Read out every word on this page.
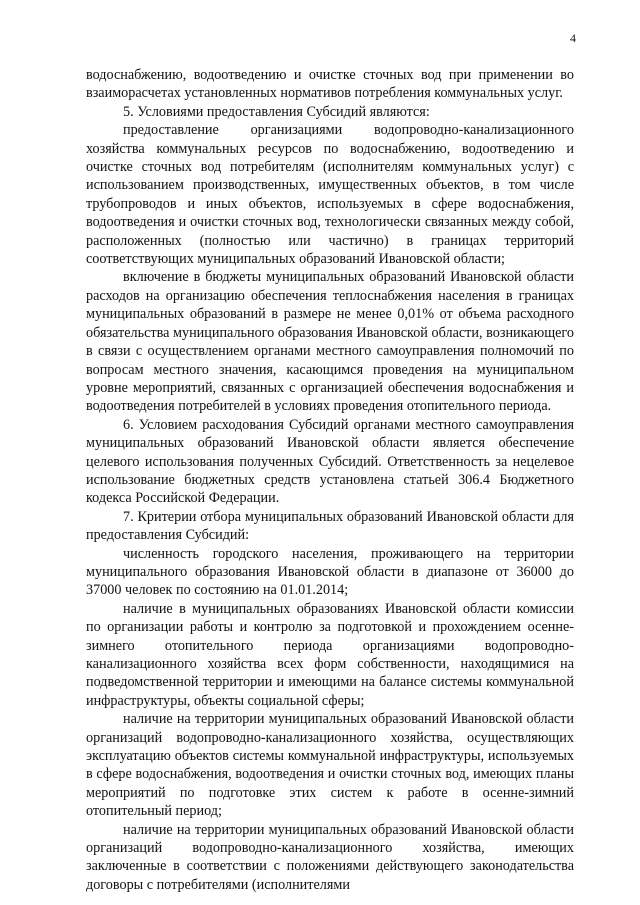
4

водоснабжению, водоотведению и очистке сточных вод при применении во взаиморасчетах установленных нормативов потребления коммунальных услуг.

5. Условиями предоставления Субсидий являются:

предоставление организациями водопроводно-канализационного хозяйства коммунальных ресурсов по водоснабжению, водоотведению и очистке сточных вод потребителям (исполнителям коммунальных услуг) с использованием производственных, имущественных объектов, в том числе трубопроводов и иных объектов, используемых в сфере водоснабжения, водоотведения и очистки сточных вод, технологически связанных между собой, расположенных (полностью или частично) в границах территорий соответствующих муниципальных образований Ивановской области;

включение в бюджеты муниципальных образований Ивановской области расходов на организацию обеспечения теплоснабжения населения в границах муниципальных образований в размере не менее 0,01% от объема расходного обязательства муниципального образования Ивановской области, возникающего в связи с осуществлением органами местного самоуправления полномочий по вопросам местного значения, касающимся проведения на муниципальном уровне мероприятий, связанных с организацией обеспечения водоснабжения и водоотведения потребителей в условиях проведения отопительного периода.

6. Условием расходования Субсидий органами местного самоуправления муниципальных образований Ивановской области является обеспечение целевого использования полученных Субсидий. Ответственность за нецелевое использование бюджетных средств установлена статьей 306.4 Бюджетного кодекса Российской Федерации.

7. Критерии отбора муниципальных образований Ивановской области для предоставления Субсидий:

численность городского населения, проживающего на территории муниципального образования Ивановской области в диапазоне от 36000 до 37000 человек по состоянию на 01.01.2014;

наличие в муниципальных образованиях Ивановской области комиссии по организации работы и контролю за подготовкой и прохождением осенне-зимнего отопительного периода организациями водопроводно-канализационного хозяйства всех форм собственности, находящимися на подведомственной территории и имеющими на балансе системы коммунальной инфраструктуры, объекты социальной сферы;

наличие на территории муниципальных образований Ивановской области организаций водопроводно-канализационного хозяйства, осуществляющих эксплуатацию объектов системы коммунальной инфраструктуры, используемых в сфере водоснабжения, водоотведения и очистки сточных вод, имеющих планы мероприятий по подготовке этих систем к работе в осенне-зимний отопительный период;

наличие на территории муниципальных образований Ивановской области организаций водопроводно-канализационного хозяйства, имеющих заключенные в соответствии с положениями действующего законодательства договоры с потребителями (исполнителями
